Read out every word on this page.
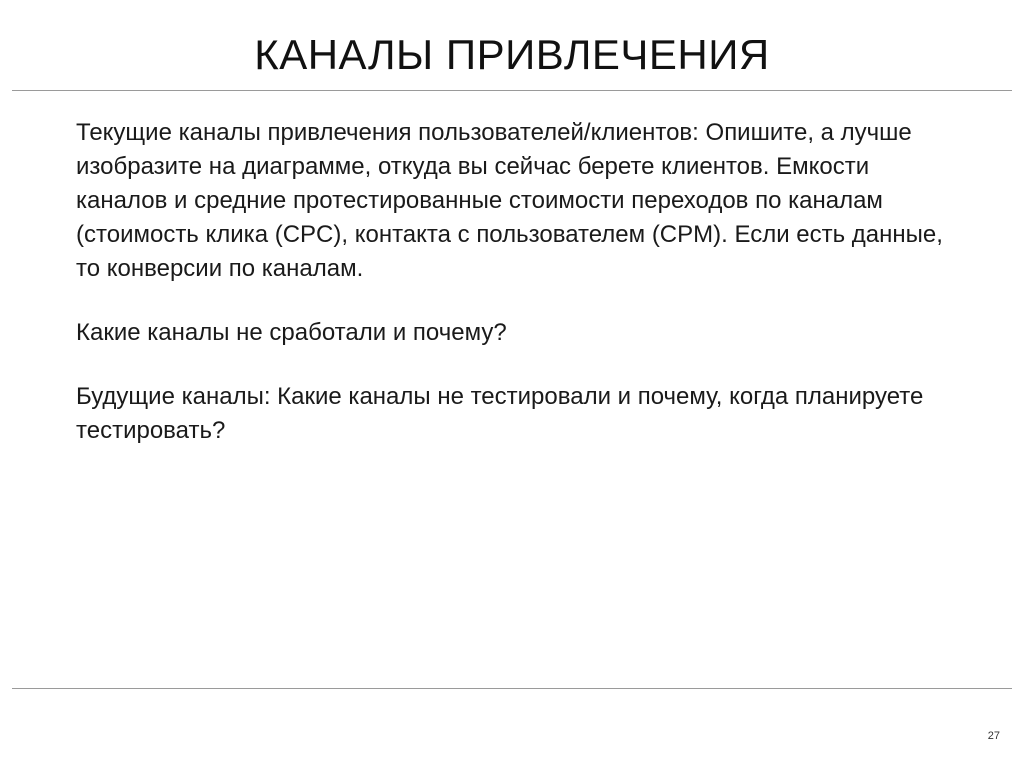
КАНАЛЫ ПРИВЛЕЧЕНИЯ

Текущие каналы привлечения пользователей/клиентов: Опишите, а лучше изобразите на диаграмме, откуда вы сейчас берете клиентов. Емкости каналов и средние протестированные стоимости переходов по каналам (стоимость клика (CPC), контакта с пользователем (CPM). Если есть данные, то конверсии по каналам.

Какие каналы не сработали и почему?

Будущие каналы: Какие каналы не тестировали и почему, когда планируете тестировать?

27
